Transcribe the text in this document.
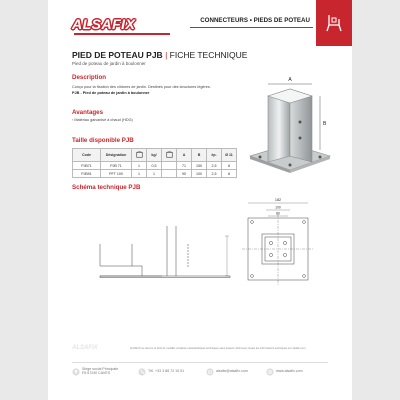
ALSAFIX	CONNECTEURS • PIEDS DE POTEAU
PIED DE POTEAU PJB | FICHE TECHNIQUE
Pied de poteau de jardin à boulonner
Description
Conçu pour la fixation des clôtures de jardin. Destinés pour des structures légères.
PJB - Pied de poteau de jardin à boulonner
Avantages
› Matériau galvanisé à chaud (HDG)
A
B
Taille disponible PJB
Code	Désignation		kg/		A	B	ép.	Ø 11
PJB71	PJB 71	1	0,5		71	150	2,5	8
PJB91	PFT 100	1	1		90	100	2,5	8
Schéma technique PJB
182
100
80
ALSAFIX	ALSAFIX se réserve le droit de modifier certaines caractéristiques techniques sans préavis. Retrouvez toutes les informations techniques sur alsafix.com.
Siège social Principale
F6 67240 CAVES
Tél. +33 3 88 72 15 51	alsafix@alsafix.com	www.alsafix.com
